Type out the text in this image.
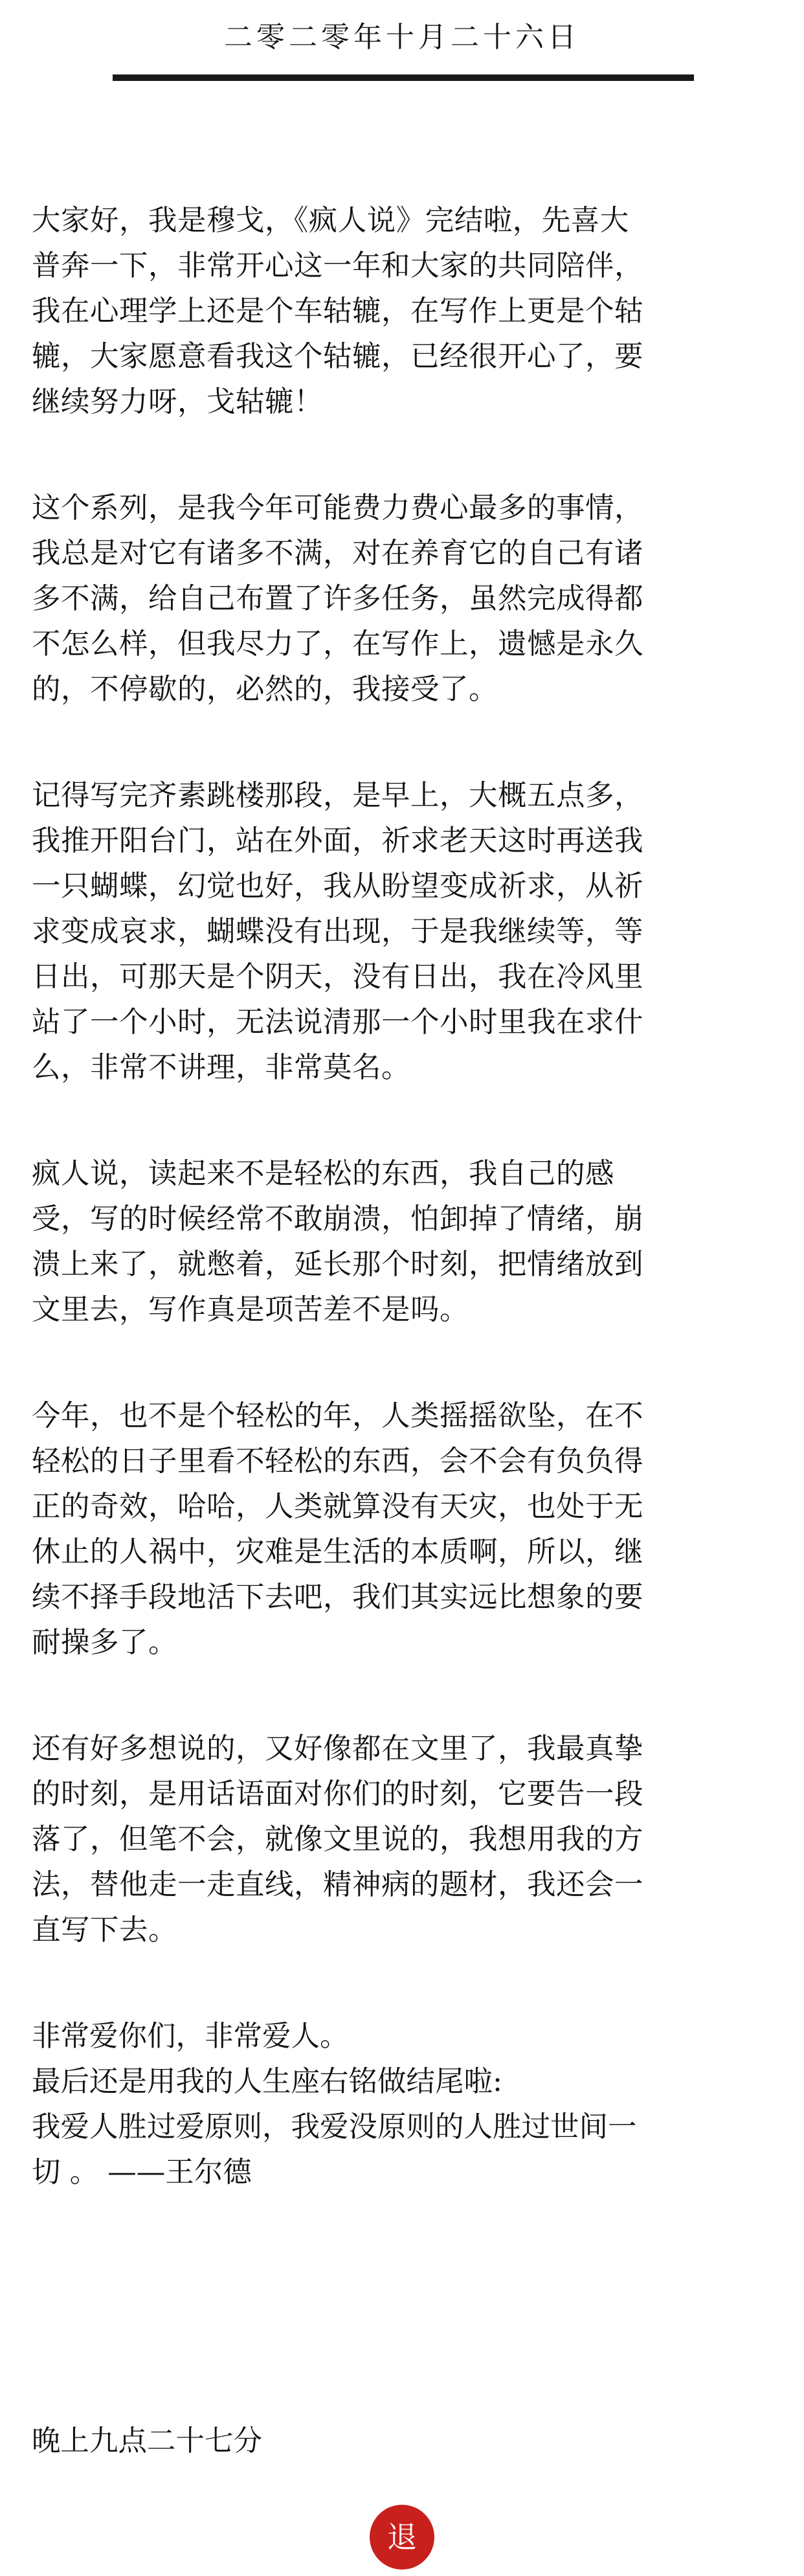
二零二零年十月二十六日

大家好，我是穆戈，《疯人说》完结啦，先喜大
普奔一下，非常开心这一年和大家的共同陪伴，
我在心理学上还是个车轱辘，在写作上更是个轱
辘，大家愿意看我这个轱辘，已经很开心了，要
继续努力呀，戈轱辘！

这个系列，是我今年可能费力费心最多的事情，
我总是对它有诸多不满，对在养育它的自己有诸
多不满，给自己布置了许多任务，虽然完成得都
不怎么样，但我尽力了，在写作上，遗憾是永久
的，不停歇的，必然的，我接受了。

记得写完齐素跳楼那段，是早上，大概五点多，
我推开阳台门，站在外面，祈求老天这时再送我
一只蝴蝶，幻觉也好，我从盼望变成祈求，从祈
求变成哀求，蝴蝶没有出现，于是我继续等，等
日出，可那天是个阴天，没有日出，我在冷风里
站了一个小时，无法说清那一个小时里我在求什
么，非常不讲理，非常莫名。

疯人说，读起来不是轻松的东西，我自己的感
受，写的时候经常不敢崩溃，怕卸掉了情绪，崩
溃上来了，就憋着，延长那个时刻，把情绪放到
文里去，写作真是项苦差不是吗。

今年，也不是个轻松的年，人类摇摇欲坠，在不
轻松的日子里看不轻松的东西，会不会有负负得
正的奇效，哈哈，人类就算没有天灾，也处于无
休止的人祸中，灾难是生活的本质啊，所以，继
续不择手段地活下去吧，我们其实远比想象的要
耐操多了。

还有好多想说的，又好像都在文里了，我最真挚
的时刻，是用话语面对你们的时刻，它要告一段
落了，但笔不会，就像文里说的，我想用我的方
法，替他走一走直线，精神病的题材，我还会一
直写下去。

非常爱你们，非常爱人。
最后还是用我的人生座右铭做结尾啦:
我爱人胜过爱原则，我爱没原则的人胜过世间一
切 。 ——王尔德

晚上九点二十七分
退
